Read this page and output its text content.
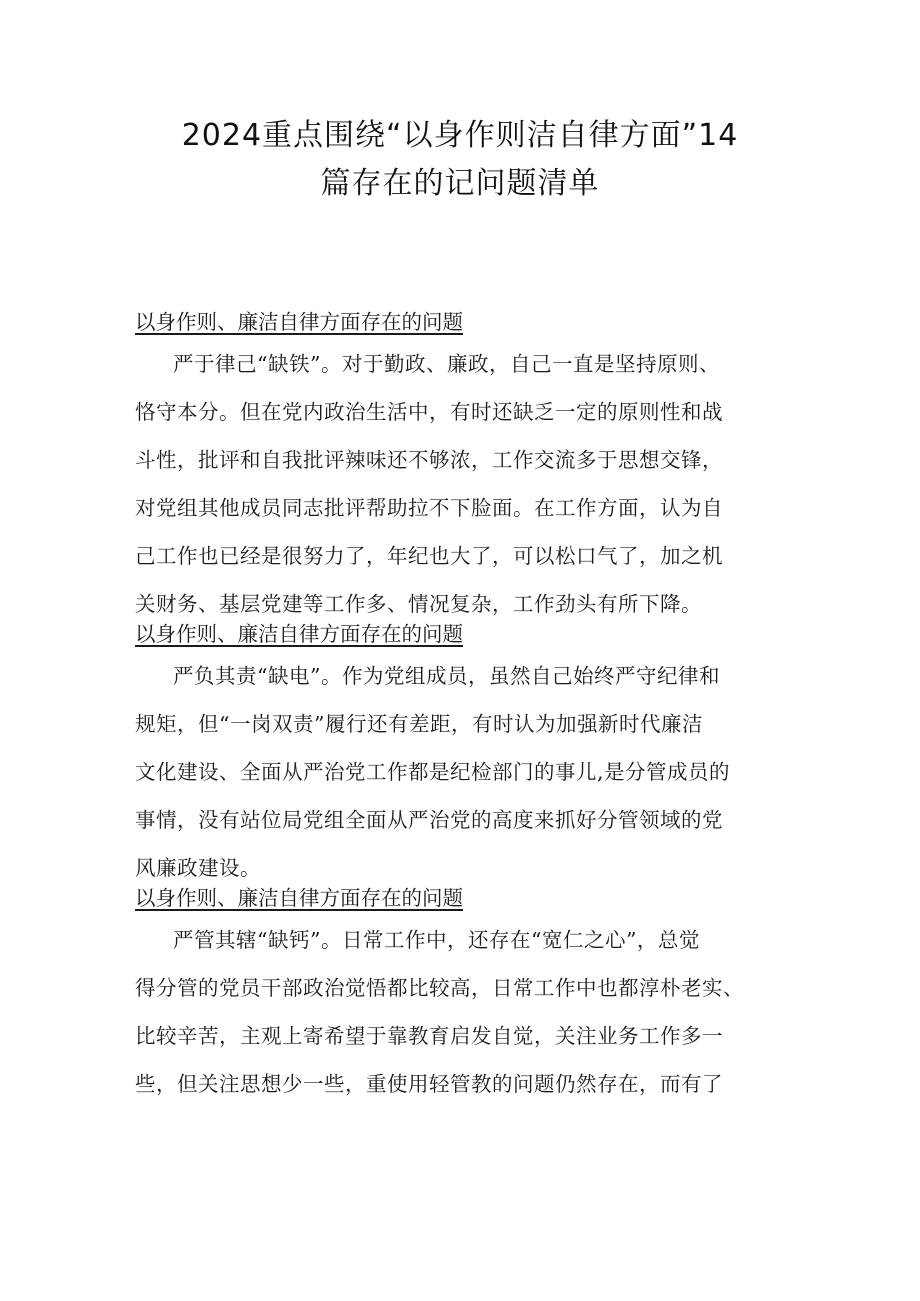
2024重点围绕“以身作则洁自律方面”14
篇存在的记问题清单
以身作则、廉洁自律方面存在的问题
严于律己“缺铁”。对于勤政、廉政，自己一直是坚持原则、
恪守本分。但在党内政治生活中，有时还缺乏一定的原则性和战
斗性，批评和自我批评辣味还不够浓，工作交流多于思想交锋，
对党组其他成员同志批评帮助拉不下脸面。在工作方面，认为自
己工作也已经是很努力了，年纪也大了，可以松口气了，加之机
关财务、基层党建等工作多、情况复杂，工作劲头有所下降。
以身作则、廉洁自律方面存在的问题
严负其责“缺电”。作为党组成员，虽然自己始终严守纪律和
规矩，但“一岗双责”履行还有差距，有时认为加强新时代廉洁
文化建设、全面从严治党工作都是纪检部门的事儿,是分管成员的
事情，没有站位局党组全面从严治党的高度来抓好分管领域的党
风廉政建设。
以身作则、廉洁自律方面存在的问题
严管其辖“缺钙”。日常工作中，还存在“宽仁之心”，总觉
得分管的党员干部政治觉悟都比较高，日常工作中也都淳朴老实、
比较辛苦，主观上寄希望于靠教育启发自觉，关注业务工作多一
些，但关注思想少一些，重使用轻管教的问题仍然存在，而有了
